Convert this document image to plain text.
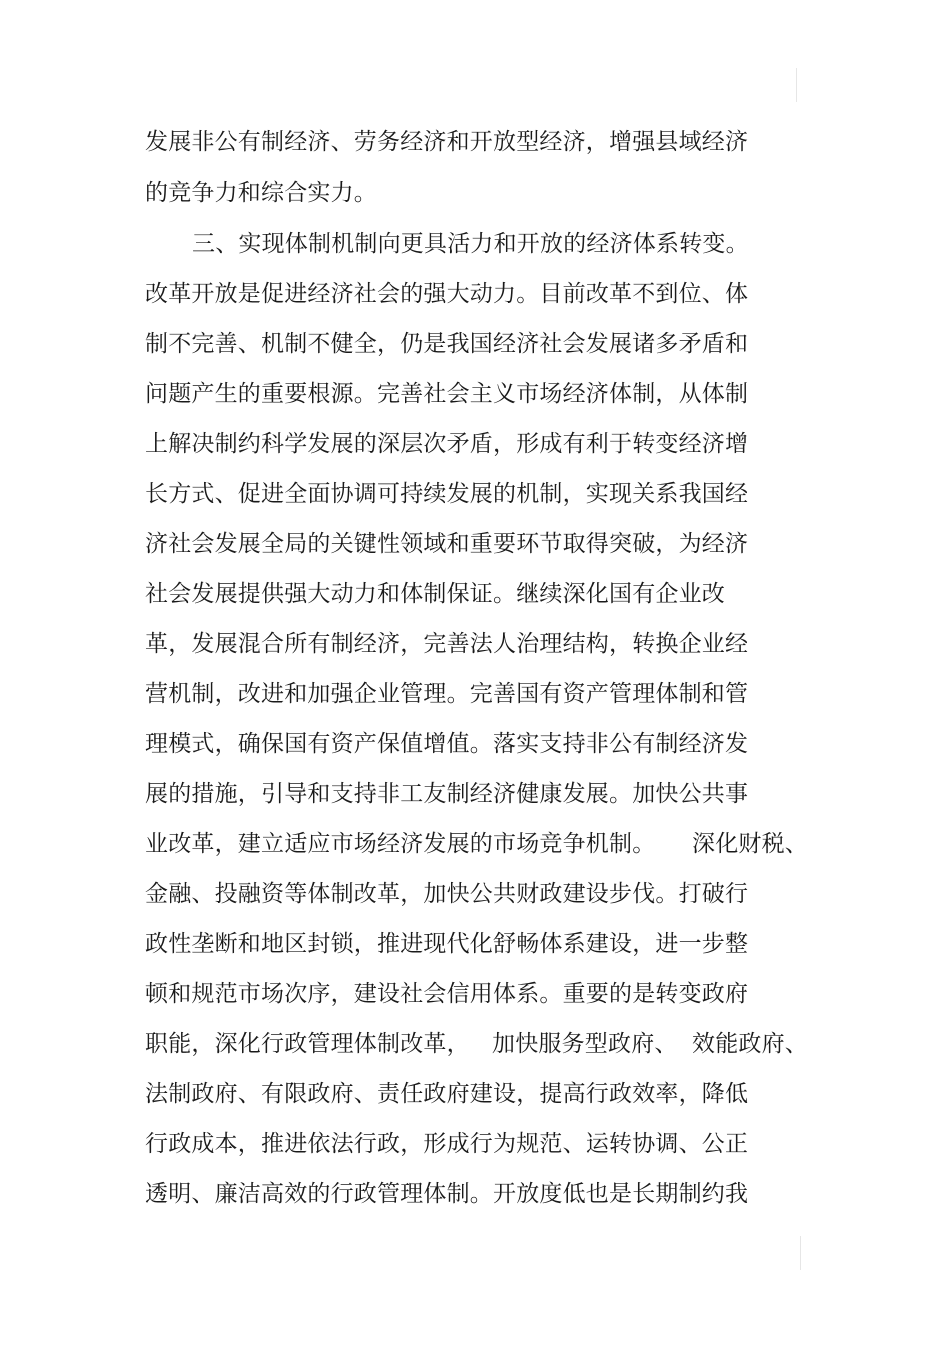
发展非公有制经济、劳务经济和开放型经济，增强县域经济
的竞争力和综合实力。
三、实现体制机制向更具活力和开放的经济体系转变。
改革开放是促进经济社会的强大动力。目前改革不到位、体
制不完善、机制不健全，仍是我国经济社会发展诸多矛盾和
问题产生的重要根源。完善社会主义市场经济体制，从体制
上解决制约科学发展的深层次矛盾，形成有利于转变经济增
长方式、促进全面协调可持续发展的机制，实现关系我国经
济社会发展全局的关键性领域和重要环节取得突破，为经济
社会发展提供强大动力和体制保证。继续深化国有企业改
革，发展混合所有制经济，完善法人治理结构，转换企业经
营机制，改进和加强企业管理。完善国有资产管理体制和管
理模式，确保国有资产保值增值。落实支持非公有制经济发
展的措施，引导和支持非工友制经济健康发展。加快公共事
业改革，建立适应市场经济发展的市场竞争机制。 深化财税、
金融、投融资等体制改革，加快公共财政建设步伐。打破行
政性垄断和地区封锁，推进现代化舒畅体系建设，进一步整
顿和规范市场次序，建设社会信用体系。重要的是转变政府
职能，深化行政管理体制改革， 加快服务型政府、 效能政府、
法制政府、有限政府、责任政府建设，提高行政效率，降低
行政成本，推进依法行政，形成行为规范、运转协调、公正
透明、廉洁高效的行政管理体制。开放度低也是长期制约我
